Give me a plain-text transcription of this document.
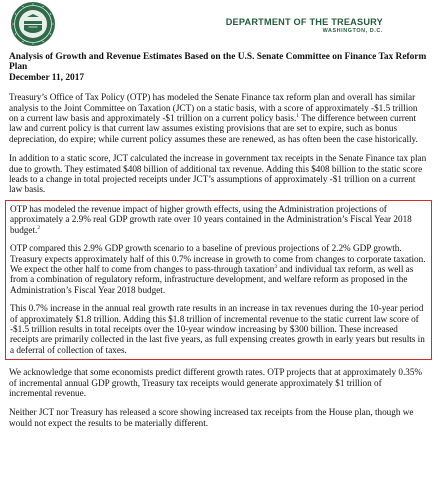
DEPARTMENT OF THE TREASURY
WASHINGTON, D.C.
Analysis of Growth and Revenue Estimates Based on the U.S. Senate Committee on Finance Tax Reform Plan
December 11, 2017

Treasury’s Office of Tax Policy (OTP) has modeled the Senate Finance tax reform plan and overall has similar analysis to the Joint Committee on Taxation (JCT) on a static basis, with a score of approximately -$1.5 trillion on a current law basis and approximately -$1 trillion on a current policy basis.$^1$ The difference between current law and current policy is that current law assumes existing provisions that are set to expire, such as bonus depreciation, do expire; while current policy assumes these are renewed, as has often been the case historically.

In addition to a static score, JCT calculated the increase in government tax receipts in the Senate Finance tax plan due to growth. They estimated $408 billion of additional tax revenue. Adding this $408 billion to the static score leads to a change in total projected receipts under JCT’s assumptions of approximately -$1 trillion on a current law basis.

OTP has modeled the revenue impact of higher growth effects, using the Administration projections of approximately a 2.9% real GDP growth rate over 10 years contained in the Administration’s Fiscal Year 2018 budget.$^2$

OTP compared this 2.9% GDP growth scenario to a baseline of previous projections of 2.2% GDP growth. Treasury expects approximately half of this 0.7% increase in growth to come from changes to corporate taxation. We expect the other half to come from changes to pass-through taxation$^3$ and individual tax reform, as well as from a combination of regulatory reform, infrastructure development, and welfare reform as proposed in the Administration’s Fiscal Year 2018 budget.

This 0.7% increase in the annual real growth rate results in an increase in tax revenues during the 10-year period of approximately $1.8 trillion. Adding this $1.8 trillion of incremental revenue to the static current law score of -$1.5 trillion results in total receipts over the 10-year window increasing by $300 billion. These increased receipts are primarily collected in the last five years, as full expensing creates growth in early years but results in a deferral of collection of taxes.

We acknowledge that some economists predict different growth rates. OTP projects that at approximately 0.35% of incremental annual GDP growth, Treasury tax receipts would generate approximately $1 trillion of incremental revenue.

Neither JCT nor Treasury has released a score showing increased tax receipts from the House plan, though we would not expect the results to be materially different.
